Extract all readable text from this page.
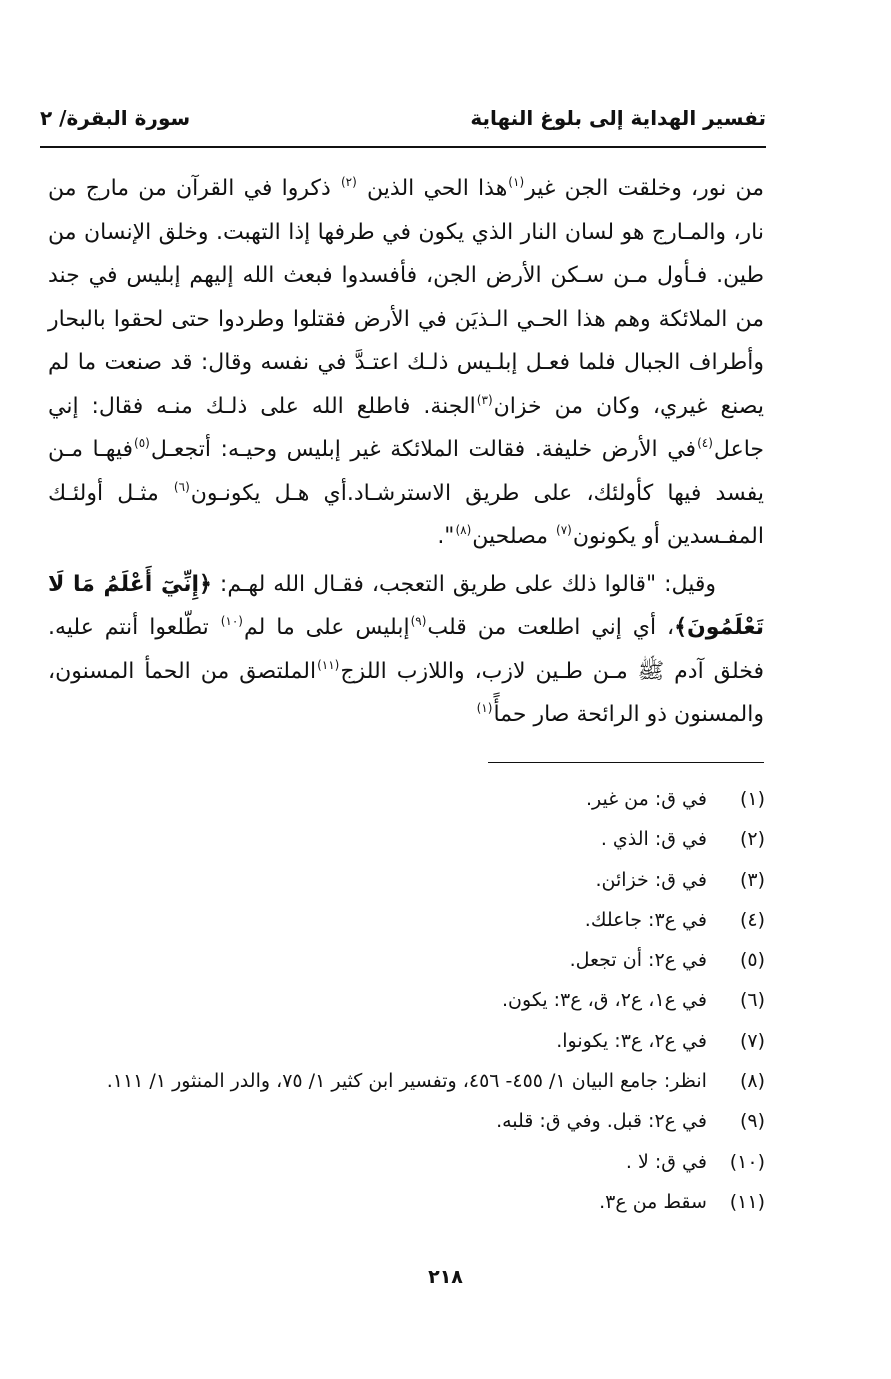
تفسير الهداية إلى بلوغ النهاية
سورة البقرة/ ٢

من نور، وخلقت الجن غير$^{(١)}$هذا الحي الذين $^{(٢)}$ ذكروا في القرآن من مارج من نار، والمـارج هو لسان النار الذي يكون في طرفها إذا التهبت. وخلق الإنسان من طين. فـأول مـن سـكن الأرض الجن، فأفسدوا فبعث الله إليهم إبليس في جند من الملائكة وهم هذا الحـي الـذيَن في الأرض فقتلوا وطردوا حتى لحقوا بالبحار وأطراف الجبال فلما فعـل إبلـيس ذلـك اعتـدَّ في نفسه وقال: قد صنعت ما لم يصنع غيري، وكان من خزان$^{(٣)}$الجنة. فاطلع الله على ذلـك منـه فقال: إني جاعل$^{(٤)}$في الأرض خليفة. فقالت الملائكة غير إبليس وحيـه: أتجعـل$^{(٥)}$فيهـا مـن يفسد فيها كأولئك، على طريق الاسترشـاد.أي هـل يكونـون$^{(٦)}$ مثـل أولئـك المفـسدين أو يكونون$^{(٧)}$ مصلحين$^{(٨)}$".

وقيل: "قالوا ذلك على طريق التعجب، فقـال الله لهـم: ﴿إِنِّيٓ أَعْلَمُ مَا لَا تَعْلَمُونَ﴾، أي إني اطلعت من قلب$^{(٩)}$إبليس على ما لم$^{(١٠)}$ تطّلعوا أنتم عليه. فخلق آدم ﷺ مـن طـين لازب، واللازب اللزج$^{(١١)}$الملتصق من الحمأ المسنون، والمسنون ذو الرائحة صار حمأً$^{(١)}$

(١) في ق: من غير.
(٢) في ق: الذي .
(٣) في ق: خزائن.
(٤) في ع٣: جاعلك.
(٥) في ع٢: أن تجعل.
(٦) في ع١، ع٢، ق، ع٣: يكون.
(٧) في ع٢، ع٣: يكونوا.
(٨) انظر: جامع البيان ١/ ٤٥٥- ٤٥٦، وتفسير ابن كثير ١/ ٧٥، والدر المنثور ١/ ١١١.
(٩) في ع٢: قبل. وفي ق: قلبه.
(١٠) في ق: لا .
(١١) سقط من ع٣.
٢١٨
